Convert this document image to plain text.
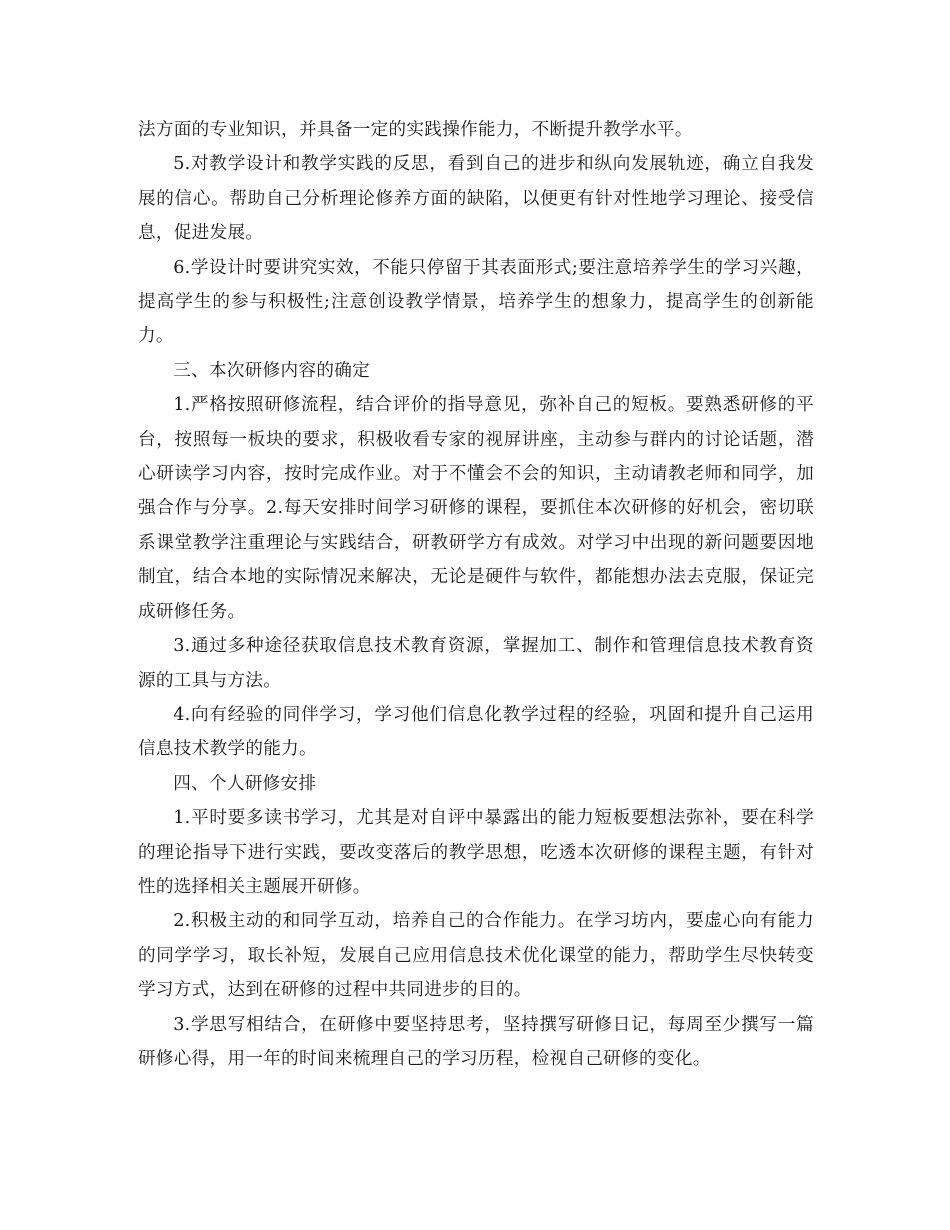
法方面的专业知识，并具备一定的实践操作能力，不断提升教学水平。

5.对教学设计和教学实践的反思，看到自己的进步和纵向发展轨迹，确立自我发展的信心。帮助自己分析理论修养方面的缺陷，以便更有针对性地学习理论、接受信息，促进发展。

6.学设计时要讲究实效，不能只停留于其表面形式;要注意培养学生的学习兴趣，提高学生的参与积极性;注意创设教学情景，培养学生的想象力，提高学生的创新能力。

三、本次研修内容的确定

1.严格按照研修流程，结合评价的指导意见，弥补自己的短板。要熟悉研修的平台，按照每一板块的要求，积极收看专家的视屏讲座，主动参与群内的讨论话题，潜心研读学习内容，按时完成作业。对于不懂会不会的知识，主动请教老师和同学，加强合作与分享。2.每天安排时间学习研修的课程，要抓住本次研修的好机会，密切联系课堂教学注重理论与实践结合，研教研学方有成效。对学习中出现的新问题要因地制宜，结合本地的实际情况来解决，无论是硬件与软件，都能想办法去克服，保证完成研修任务。

3.通过多种途径获取信息技术教育资源，掌握加工、制作和管理信息技术教育资源的工具与方法。

4.向有经验的同伴学习，学习他们信息化教学过程的经验，巩固和提升自己运用信息技术教学的能力。

四、个人研修安排

1.平时要多读书学习，尤其是对自评中暴露出的能力短板要想法弥补，要在科学的理论指导下进行实践，要改变落后的教学思想，吃透本次研修的课程主题，有针对性的选择相关主题展开研修。

2.积极主动的和同学互动，培养自己的合作能力。在学习坊内，要虚心向有能力的同学学习，取长补短，发展自己应用信息技术优化课堂的能力，帮助学生尽快转变学习方式，达到在研修的过程中共同进步的目的。

3.学思写相结合，在研修中要坚持思考，坚持撰写研修日记，每周至少撰写一篇研修心得，用一年的时间来梳理自己的学习历程，检视自己研修的变化。
